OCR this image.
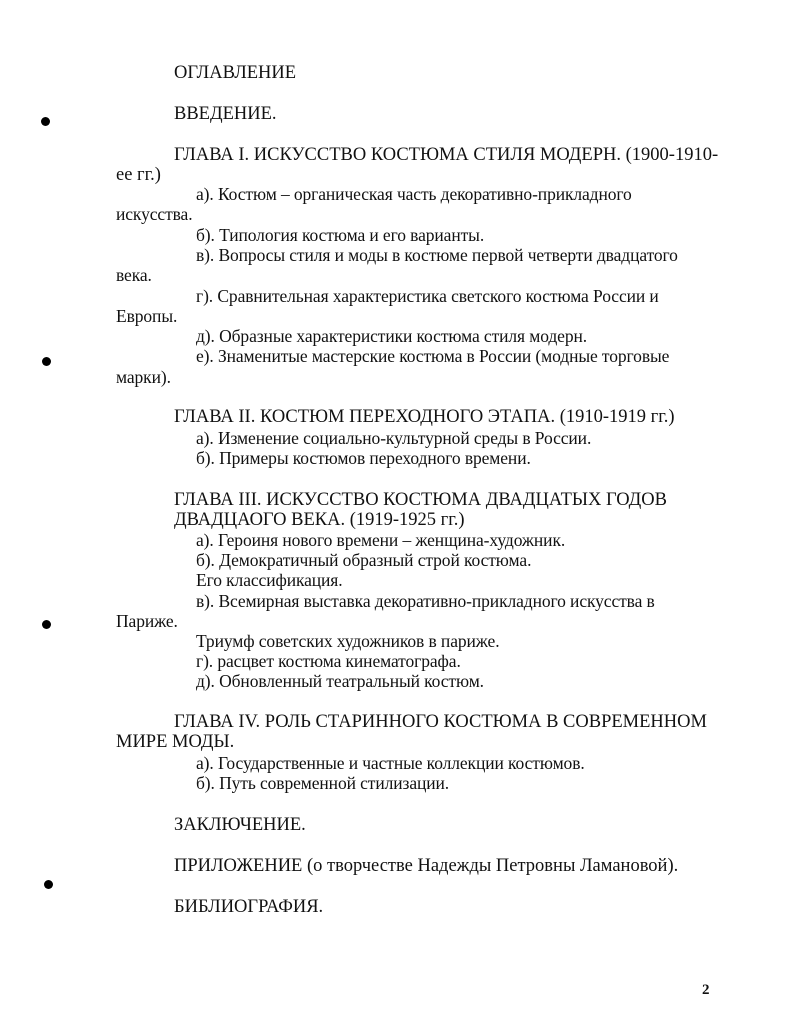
ОГЛАВЛЕНИЕ
ВВЕДЕНИЕ.
ГЛАВА I. ИСКУССТВО КОСТЮМА СТИЛЯ МОДЕРН. (1900-1910-
ее гг.)
а). Костюм – органическая часть декоративно-прикладного
искусства.
б). Типология костюма и его варианты.
в). Вопросы стиля и моды в костюме первой четверти двадцатого
века.
г). Сравнительная характеристика светского костюма России и
Европы.
д). Образные характеристики костюма стиля модерн.
е). Знаменитые мастерские костюма в России (модные торговые
марки).
ГЛАВА II. КОСТЮМ ПЕРЕХОДНОГО ЭТАПА. (1910-1919 гг.)
а). Изменение социально-культурной среды в России.
б). Примеры костюмов переходного времени.
ГЛАВА III. ИСКУССТВО КОСТЮМА ДВАДЦАТЫХ ГОДОВ
ДВАДЦАОГО ВЕКА. (1919-1925 гг.)
а). Героиня нового времени – женщина-художник.
б). Демократичный образный строй костюма.
Его классификация.
в). Всемирная выставка декоративно-прикладного искусства в
Париже.
Триумф советских художников в париже.
г). расцвет костюма кинематографа.
д). Обновленный театральный костюм.
ГЛАВА IV. РОЛЬ СТАРИННОГО КОСТЮМА В СОВРЕМЕННОМ
МИРЕ МОДЫ.
а). Государственные и частные коллекции костюмов.
б). Путь современной стилизации.
ЗАКЛЮЧЕНИЕ.
ПРИЛОЖЕНИЕ (о творчестве Надежды Петровны Ламановой).
БИБЛИОГРАФИЯ.
2
